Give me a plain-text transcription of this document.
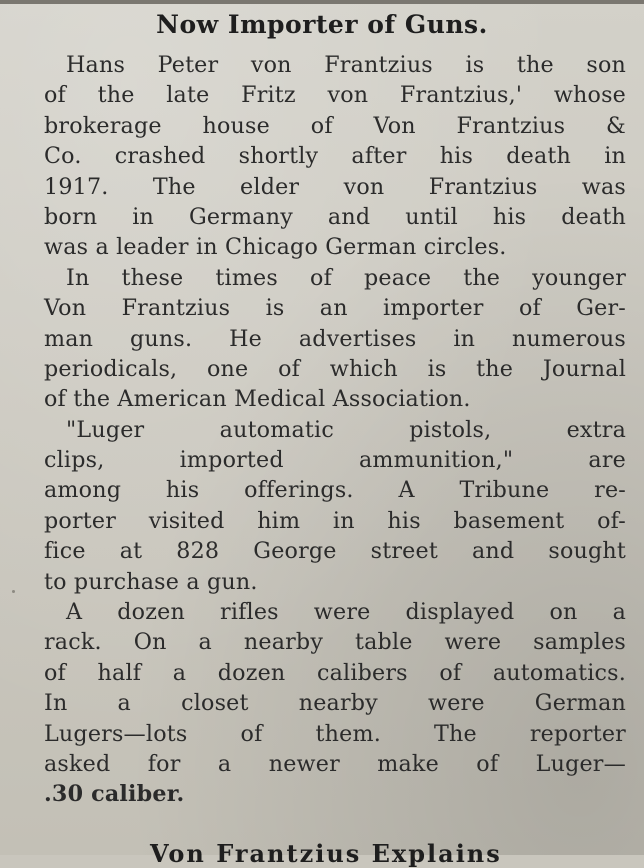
Now Importer of Guns.
Hans Peter von Frantzius is the son
of the late Fritz von Frantzius,' whose
brokerage house of Von Frantzius &
Co. crashed shortly after his death in
1917. The elder von Frantzius was
born in Germany and until his death
was a leader in Chicago German circles.
In these times of peace the younger
Von Frantzius is an importer of Ger-
man guns. He advertises in numerous
periodicals, one of which is the Journal
of the American Medical Association.
"Luger automatic pistols, extra
clips, imported ammunition," are
among his offerings. A Tribune re-
porter visited him in his basement of-
fice at 828 George street and sought
to purchase a gun.
A dozen rifles were displayed on a
rack. On a nearby table were samples
of half a dozen calibers of automatics.
In a closet nearby were German
Lugers—lots of them. The reporter
asked for a newer make of Luger—
.30 caliber.
Von Frantzius Explains
